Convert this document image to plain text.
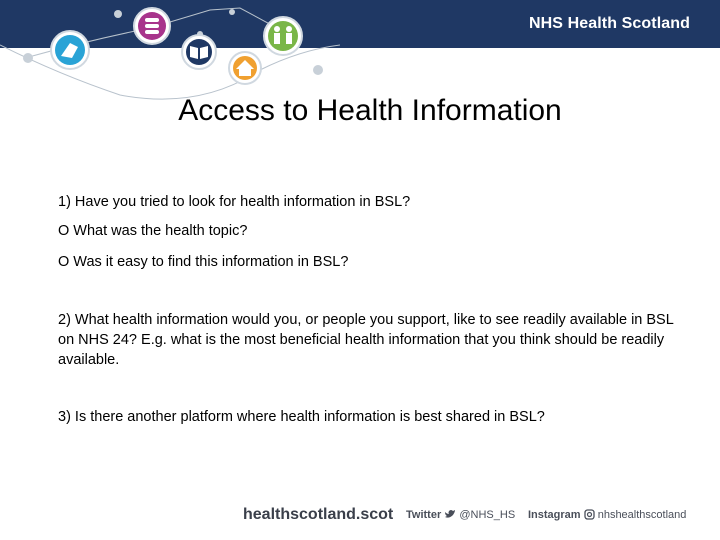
NHS Health Scotland
Access to Health Information
1) Have you tried to look for health information in BSL?
O What was the health topic?
O Was it easy to find this information in BSL?
2) What health information would you, or people you support, like to see readily available in BSL on NHS 24? E.g. what is the most beneficial health information that you think should be readily available.
3) Is there another platform where health information is best shared in BSL?
healthscotland.scot Twitter @NHS_HS Instagram nhshealthscotland
